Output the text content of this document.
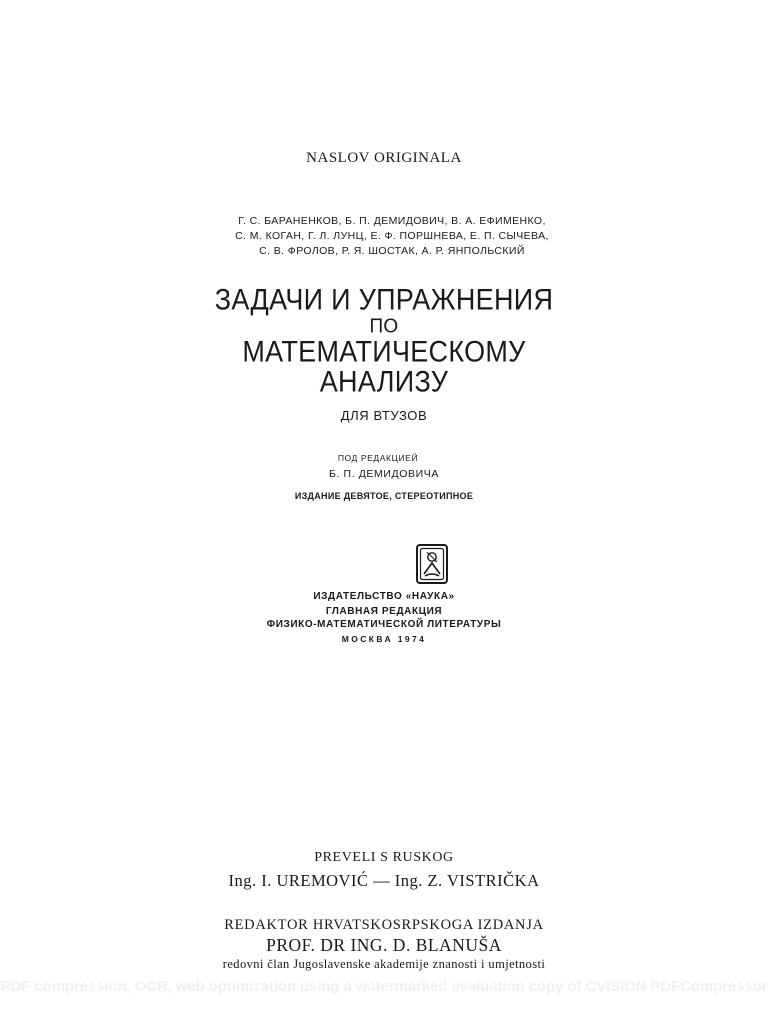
NASLOV ORIGINALA
Г. С. БАРАНЕНКОВ, Б. П. ДЕМИДОВИЧ, В. А. ЕФИМЕНКО,
С. М. КОГАН, Г. Л. ЛУНЦ, Е. Ф. ПОРШНЕВА, Е. П. СЫЧЕВА,
С. В. ФРОЛОВ, Р. Я. ШОСТАК, А. Р. ЯНПОЛЬСКИЙ
ЗАДАЧИ И УПРАЖНЕНИЯ
ПО
МАТЕМАТИЧЕСКОМУ
АНАЛИЗУ
ДЛЯ ВТУЗОВ
ПОД РЕДАКЦИЕЙ
Б. П. ДЕМИДОВИЧА
ИЗДАНИЕ ДЕВЯТОЕ, СТЕРЕОТИПНОЕ
ИЗДАТЕЛЬСТВО «НАУКА»
ГЛАВНАЯ РЕДАКЦИЯ
ФИЗИКО-МАТЕМАТИЧЕСКОЙ ЛИТЕРАТУРЫ
МОСКВА 1974
PREVELI S RUSKOG
Ing. I. UREMOVIĆ — Ing. Z. VISTRIČKA
REDAKTOR HRVATSKOSRPSKOGA IZDANJA
PROF. DR ING. D. BLANUŠA
redovni član Jugoslavenske akademije znanosti i umjetnosti
PDF compression, OCR, web optimization using a watermarked evaluation copy of CVISION PDFCompressor
